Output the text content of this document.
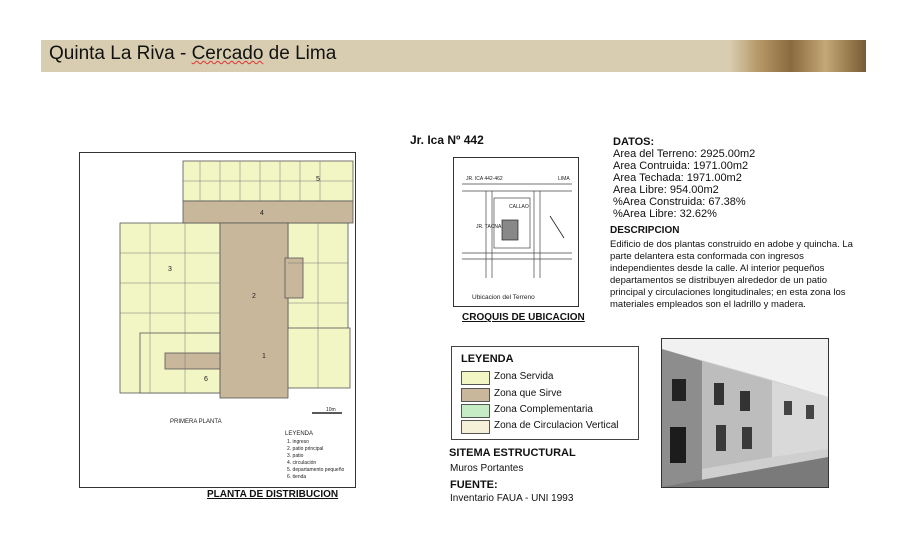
Quinta La Riva - Cercado de Lima
Jr. Ica Nº 442
1
2
3
4
5
6
PRIMERA PLANTA
10m
LEYENDA
1. ingreso
2. patio principal
3. patio
4. circulación
5. departamento pequeño
6. tienda
PLANTA DE DISTRIBUCION
JR. ICA 442-462	LIMA
CALLAO
JR. TACNA
Ubicacion del Terreno
CROQUIS DE UBICACION
DATOS:
Area del Terreno: 2925.00m2
Area Contruida: 1971.00m2
Area Techada: 1971.00m2
Area Libre: 954.00m2
%Area Construida: 67.38%
%Area Libre: 32.62%
DESCRIPCION
Edificio de dos plantas construido en adobe y quincha. La parte delantera esta conformada con ingresos independientes desde la calle. Al interior pequeños departamentos se distribuyen alrededor de un patio principal y circulaciones longitudinales; en esta zona los materiales empleados son el ladrillo y madera.
LEYENDA
Zona Servida
Zona que Sirve
Zona Complementaria
Zona de Circulacion Vertical
SITEMA ESTRUCTURAL
Muros Portantes
FUENTE:
Inventario FAUA - UNI 1993
